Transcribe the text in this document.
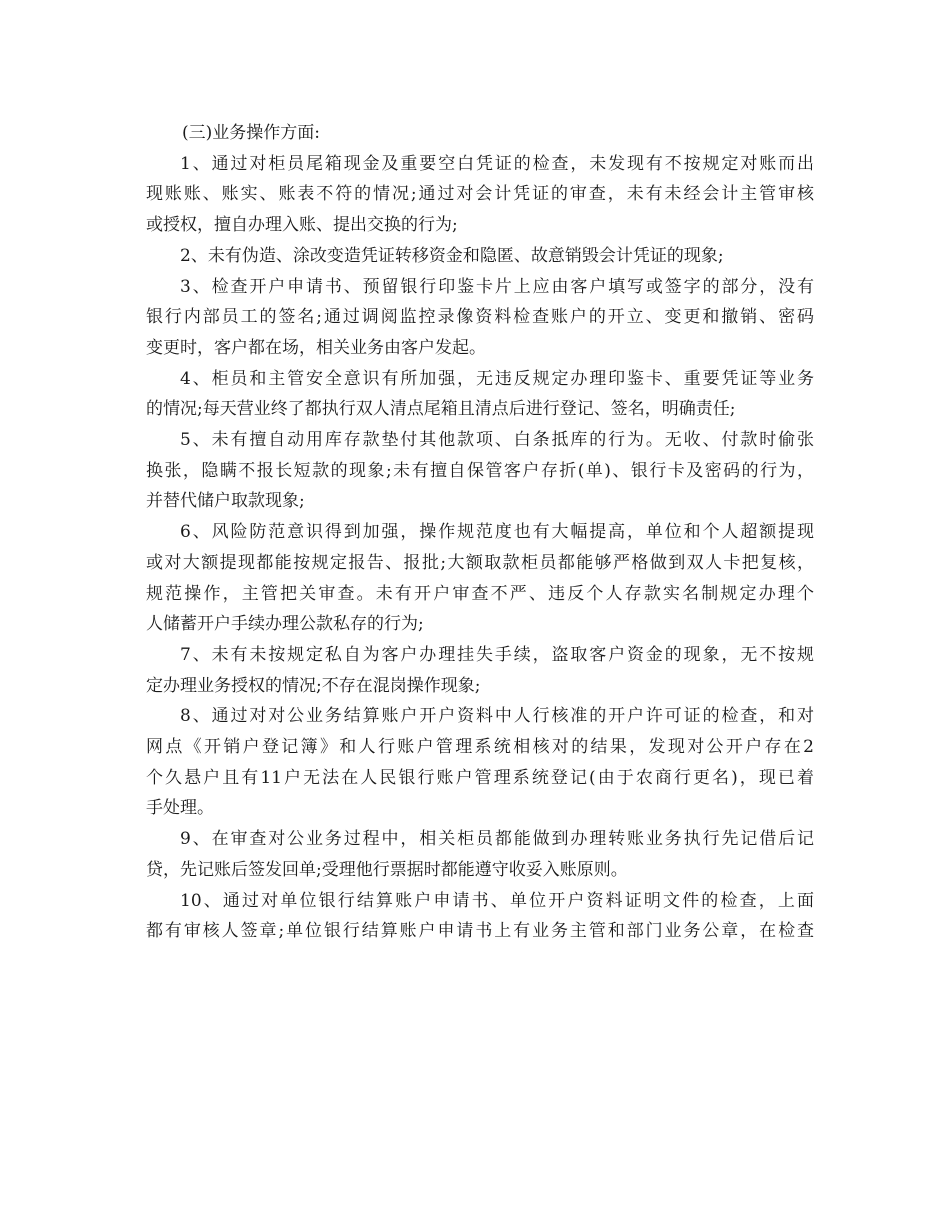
(三)业务操作方面:

1、通过对柜员尾箱现金及重要空白凭证的检查，未发现有不按规定对账而出
现账账、账实、账表不符的情况;通过对会计凭证的审查，未有未经会计主管审核
或授权，擅自办理入账、提出交换的行为;

2、未有伪造、涂改变造凭证转移资金和隐匿、故意销毁会计凭证的现象;

3、检查开户申请书、预留银行印鉴卡片上应由客户填写或签字的部分，没有
银行内部员工的签名;通过调阅监控录像资料检查账户的开立、变更和撤销、密码
变更时，客户都在场，相关业务由客户发起。

4、柜员和主管安全意识有所加强，无违反规定办理印鉴卡、重要凭证等业务
的情况;每天营业终了都执行双人清点尾箱且清点后进行登记、签名，明确责任;

5、未有擅自动用库存款垫付其他款项、白条抵库的行为。无收、付款时偷张
换张，隐瞒不报长短款的现象;未有擅自保管客户存折(单)、银行卡及密码的行为，
并替代储户取款现象;

6、风险防范意识得到加强，操作规范度也有大幅提高，单位和个人超额提现
或对大额提现都能按规定报告、报批;大额取款柜员都能够严格做到双人卡把复核，
规范操作，主管把关审查。未有开户审查不严、违反个人存款实名制规定办理个
人储蓄开户手续办理公款私存的行为;

7、未有未按规定私自为客户办理挂失手续，盗取客户资金的现象，无不按规
定办理业务授权的情况;不存在混岗操作现象;

8、通过对对公业务结算账户开户资料中人行核准的开户许可证的检查，和对
网点《开销户登记簿》和人行账户管理系统相核对的结果，发现对公开户存在2
个久悬户且有11户无法在人民银行账户管理系统登记(由于农商行更名)，现已着
手处理。

9、在审查对公业务过程中，相关柜员都能做到办理转账业务执行先记借后记
贷，先记账后签发回单;受理他行票据时都能遵守收妥入账原则。

10、通过对单位银行结算账户申请书、单位开户资料证明文件的检查，上面
都有审核人签章;单位银行结算账户申请书上有业务主管和部门业务公章，在检查
